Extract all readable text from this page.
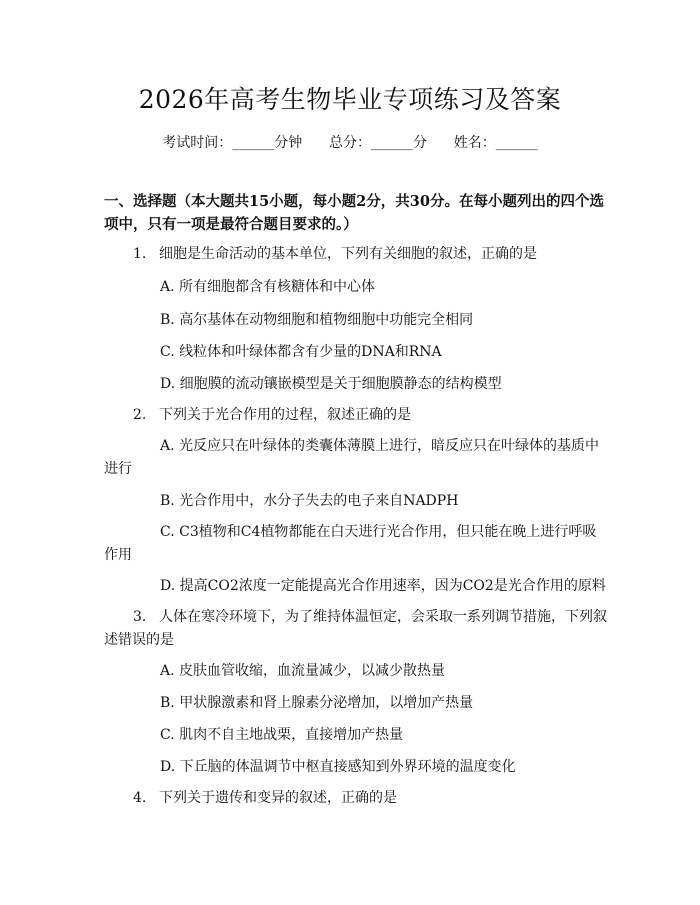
2026年高考生物毕业专项练习及答案
考试时间：______分钟 总分：______分 姓名：______
一、选择题（本大题共15小题，每小题2分，共30分。在每小题列出的四个选项中，只有一项是最符合题目要求的。）
1. 细胞是生命活动的基本单位，下列有关细胞的叙述，正确的是
A. 所有细胞都含有核糖体和中心体
B. 高尔基体在动物细胞和植物细胞中功能完全相同
C. 线粒体和叶绿体都含有少量的DNA和RNA
D. 细胞膜的流动镶嵌模型是关于细胞膜静态的结构模型
2. 下列关于光合作用的过程，叙述正确的是
A. 光反应只在叶绿体的类囊体薄膜上进行，暗反应只在叶绿体的基质中
进行
B. 光合作用中，水分子失去的电子来自NADPH
C. C3植物和C4植物都能在白天进行光合作用，但只能在晚上进行呼吸
作用
D. 提高CO2浓度一定能提高光合作用速率，因为CO2是光合作用的原料
3. 人体在寒冷环境下，为了维持体温恒定，会采取一系列调节措施，下列叙
述错误的是
A. 皮肤血管收缩，血流量减少，以减少散热量
B. 甲状腺激素和肾上腺素分泌增加，以增加产热量
C. 肌肉不自主地战栗，直接增加产热量
D. 下丘脑的体温调节中枢直接感知到外界环境的温度变化
4. 下列关于遗传和变异的叙述，正确的是
